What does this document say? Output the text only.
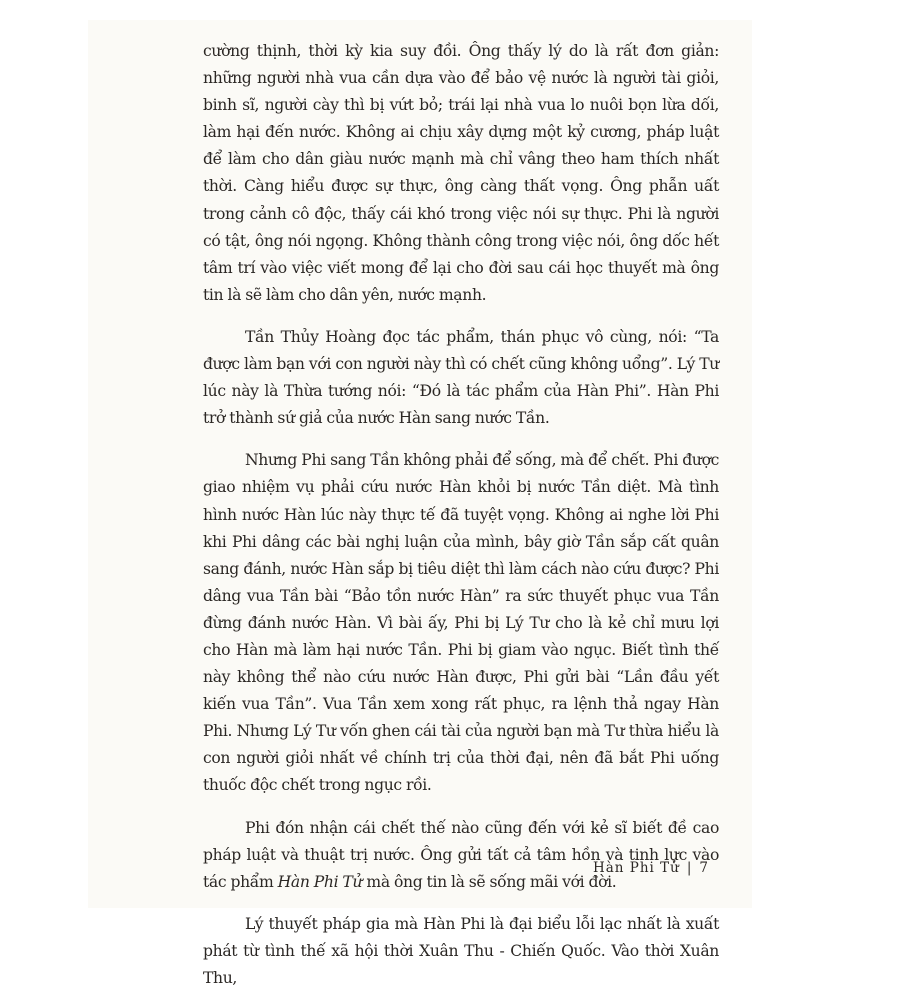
cường thịnh, thời kỳ kia suy đồi. Ông thấy lý do là rất đơn giản: những người nhà vua cần dựa vào để bảo vệ nước là người tài giỏi, binh sĩ, người cày thì bị vứt bỏ; trái lại nhà vua lo nuôi bọn lừa dối, làm hại đến nước. Không ai chịu xây dựng một kỷ cương, pháp luật để làm cho dân giàu nước mạnh mà chỉ vâng theo ham thích nhất thời. Càng hiểu được sự thực, ông càng thất vọng. Ông phẫn uất trong cảnh cô độc, thấy cái khó trong việc nói sự thực. Phi là người có tật, ông nói ngọng. Không thành công trong việc nói, ông dốc hết tâm trí vào việc viết mong để lại cho đời sau cái học thuyết mà ông tin là sẽ làm cho dân yên, nước mạnh.

Tần Thủy Hoàng đọc tác phẩm, thán phục vô cùng, nói: “Ta được làm bạn với con người này thì có chết cũng không uổng”. Lý Tư lúc này là Thừa tướng nói: “Đó là tác phẩm của Hàn Phi”. Hàn Phi trở thành sứ giả của nước Hàn sang nước Tần.

Nhưng Phi sang Tần không phải để sống, mà để chết. Phi được giao nhiệm vụ phải cứu nước Hàn khỏi bị nước Tần diệt. Mà tình hình nước Hàn lúc này thực tế đã tuyệt vọng. Không ai nghe lời Phi khi Phi dâng các bài nghị luận của mình, bây giờ Tần sắp cất quân sang đánh, nước Hàn sắp bị tiêu diệt thì làm cách nào cứu được? Phi dâng vua Tần bài “Bảo tồn nước Hàn” ra sức thuyết phục vua Tần đừng đánh nước Hàn. Vì bài ấy, Phi bị Lý Tư cho là kẻ chỉ mưu lợi cho Hàn mà làm hại nước Tần. Phi bị giam vào ngục. Biết tình thế này không thể nào cứu nước Hàn được, Phi gửi bài “Lần đầu yết kiến vua Tần”. Vua Tần xem xong rất phục, ra lệnh thả ngay Hàn Phi. Nhưng Lý Tư vốn ghen cái tài của người bạn mà Tư thừa hiểu là con người giỏi nhất về chính trị của thời đại, nên đã bắt Phi uống thuốc độc chết trong ngục rồi.

Phi đón nhận cái chết thế nào cũng đến với kẻ sĩ biết đề cao pháp luật và thuật trị nước. Ông gửi tất cả tâm hồn và tinh lực vào tác phẩm Hàn Phi Tử mà ông tin là sẽ sống mãi với đời.

Lý thuyết pháp gia mà Hàn Phi là đại biểu lỗi lạc nhất là xuất phát từ tình thế xã hội thời Xuân Thu - Chiến Quốc. Vào thời Xuân Thu,

Hàn Phi Tử | 7
